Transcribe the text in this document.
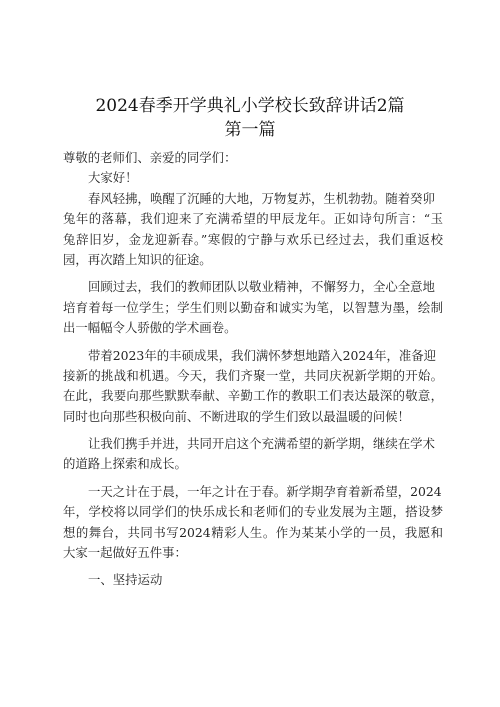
2024春季开学典礼小学校长致辞讲话2篇
第一篇
尊敬的老师们、亲爱的同学们：
大家好！
春风轻拂，唤醒了沉睡的大地，万物复苏，生机勃勃。随着癸卯
兔年的落幕，我们迎来了充满希望的甲辰龙年。正如诗句所言：“玉
兔辞旧岁，金龙迎新春。”寒假的宁静与欢乐已经过去，我们重返校
园，再次踏上知识的征途。
回顾过去，我们的教师团队以敬业精神，不懈努力，全心全意地
培育着每一位学生；学生们则以勤奋和诚实为笔，以智慧为墨，绘制
出一幅幅令人骄傲的学术画卷。
带着2023年的丰硕成果，我们满怀梦想地踏入2024年，准备迎
接新的挑战和机遇。今天，我们齐聚一堂，共同庆祝新学期的开始。
在此，我要向那些默默奉献、辛勤工作的教职工们表达最深的敬意，
同时也向那些积极向前、不断进取的学生们致以最温暖的问候！
让我们携手并进，共同开启这个充满希望的新学期，继续在学术
的道路上探索和成长。
一天之计在于晨，一年之计在于春。新学期孕育着新希望，2024
年，学校将以同学们的快乐成长和老师们的专业发展为主题，搭设梦
想的舞台，共同书写2024精彩人生。作为某某小学的一员，我愿和
大家一起做好五件事：
一、坚持运动
